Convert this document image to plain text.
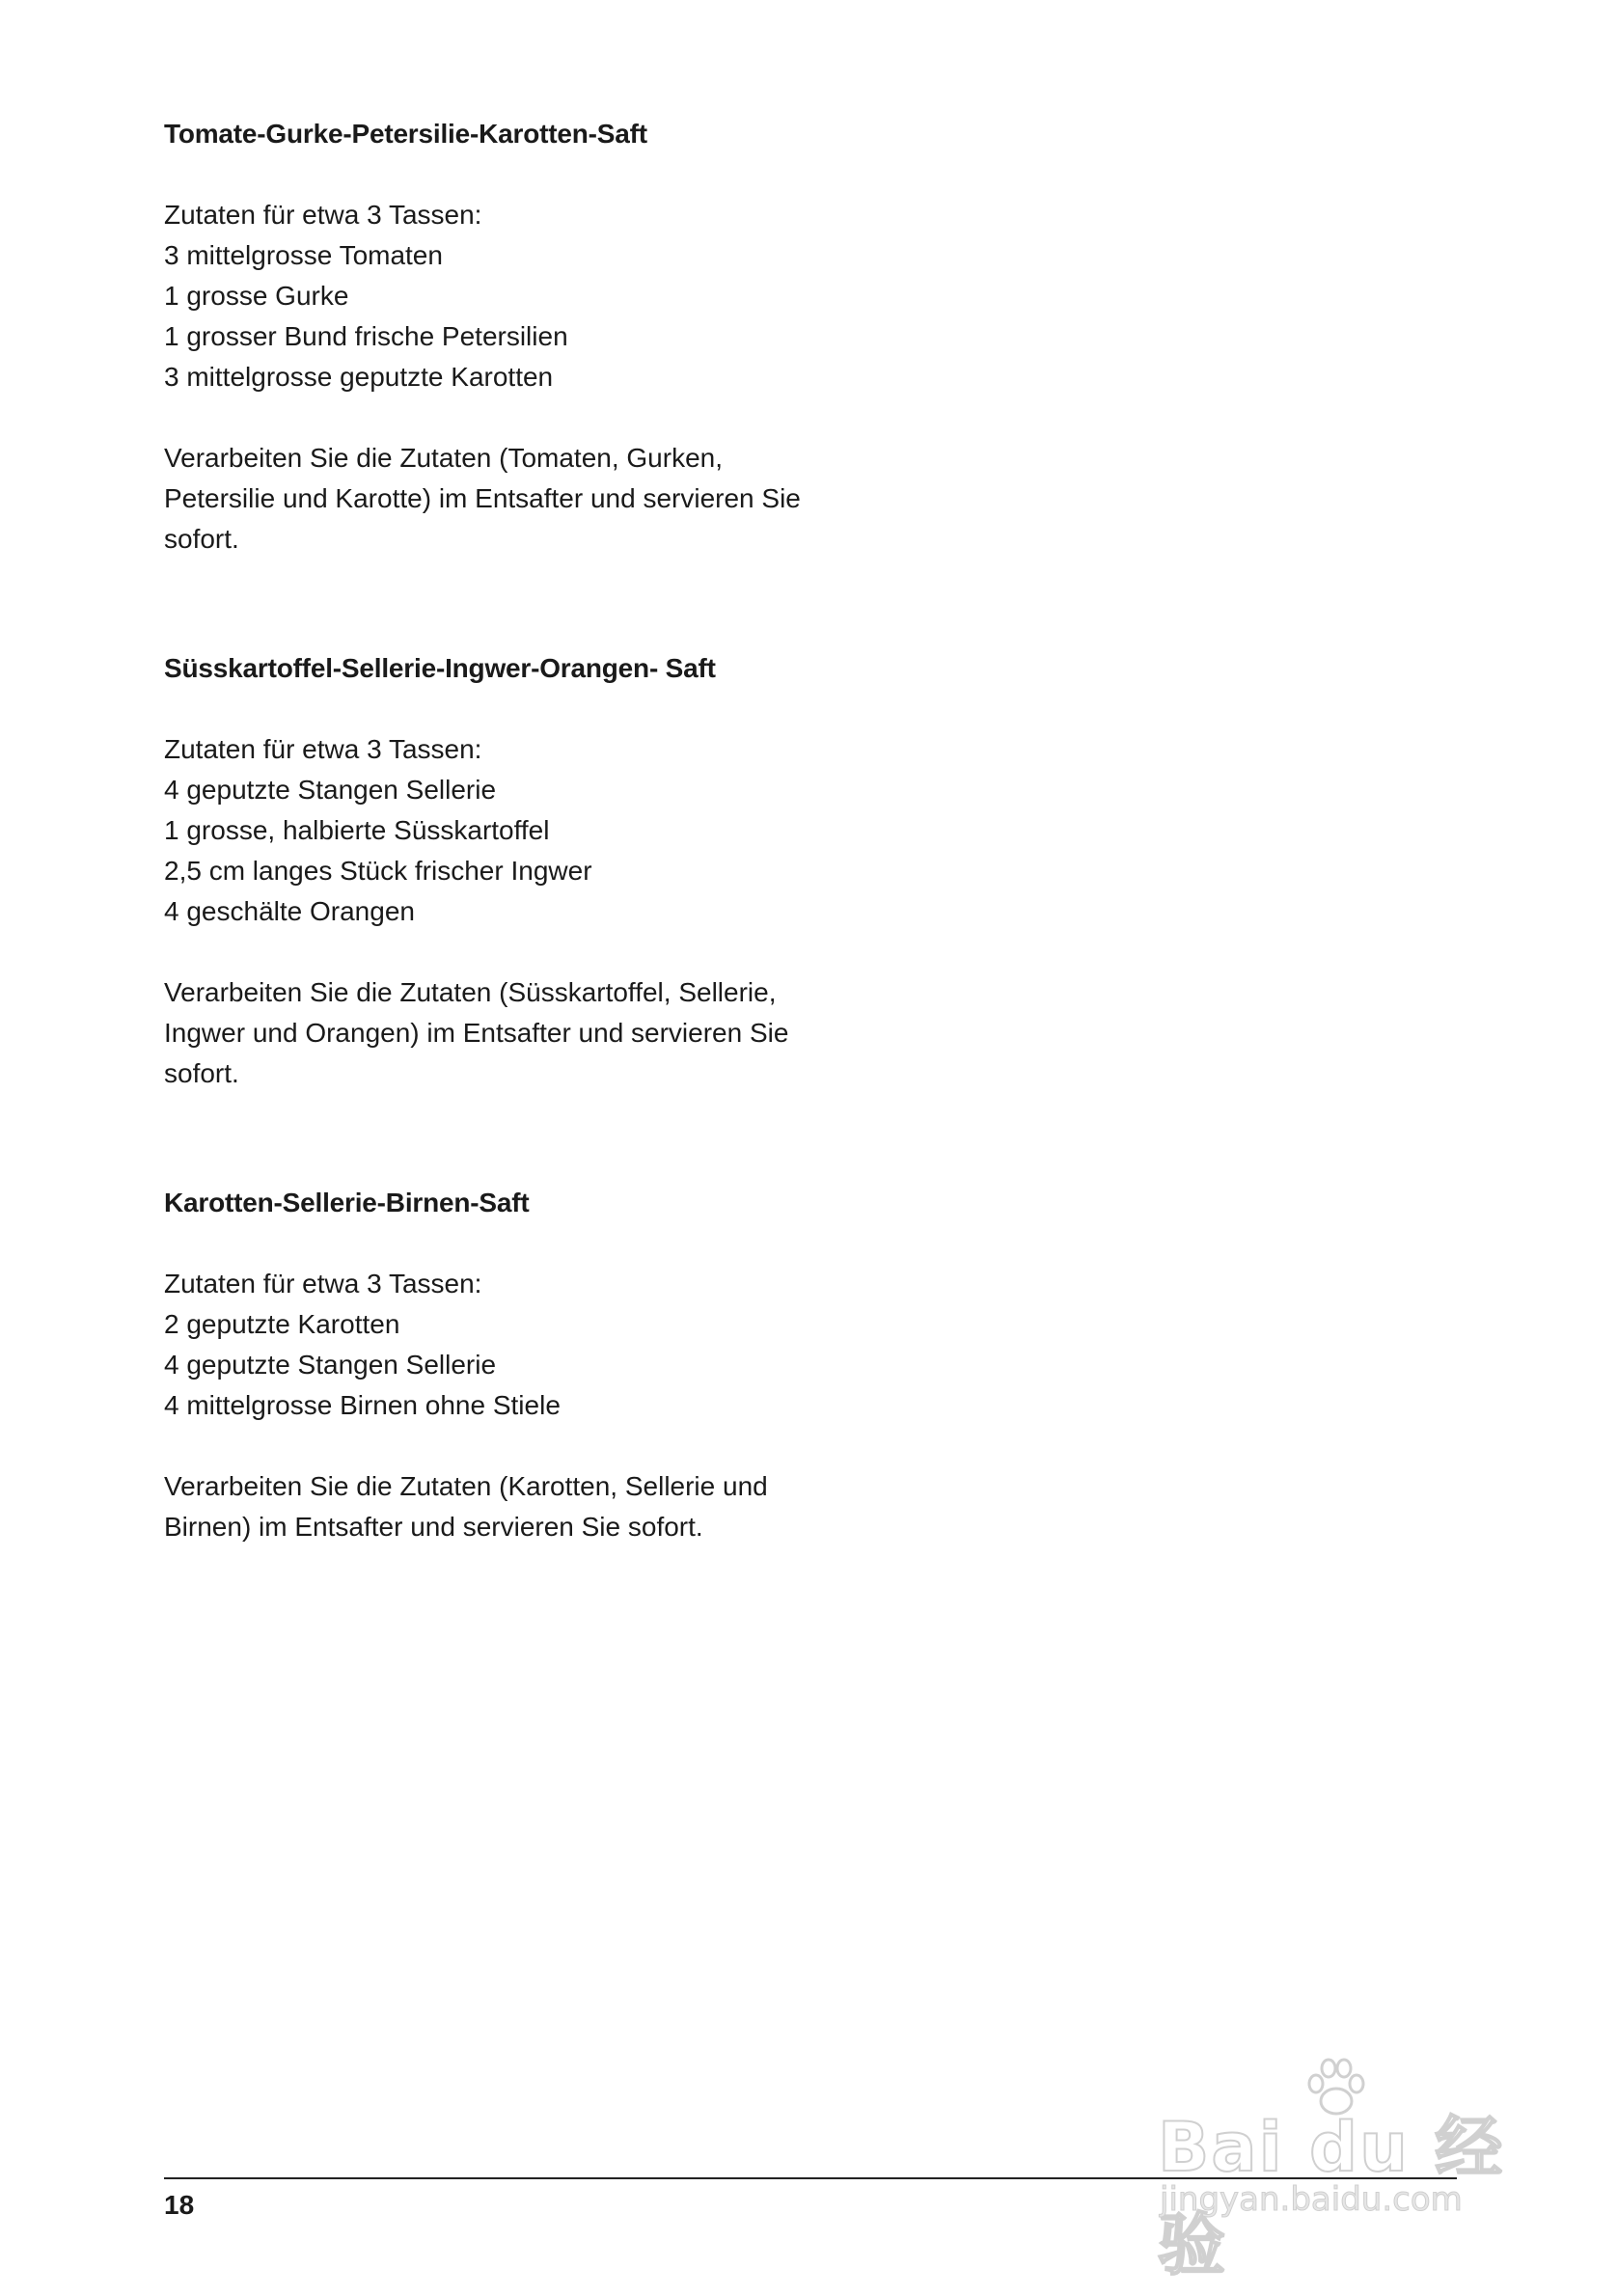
Tomate-Gurke-Petersilie-Karotten-Saft

Zutaten für etwa 3 Tassen:

3 mittelgrosse Tomaten

1 grosse Gurke

1 grosser Bund frische Petersilien

3 mittelgrosse geputzte Karotten

Verarbeiten Sie die Zutaten (Tomaten, Gurken,

Petersilie und Karotte) im Entsafter und servieren Sie

sofort.

Süsskartoffel-Sellerie-Ingwer-Orangen- Saft

Zutaten für etwa 3 Tassen:

4 geputzte Stangen Sellerie

1 grosse, halbierte Süsskartoffel

2,5 cm langes Stück frischer Ingwer

4 geschälte Orangen

Verarbeiten Sie die Zutaten (Süsskartoffel, Sellerie,

Ingwer und Orangen) im Entsafter und servieren Sie

sofort.

Karotten-Sellerie-Birnen-Saft

Zutaten für etwa 3 Tassen:

2 geputzte Karotten

4 geputzte Stangen Sellerie

4 mittelgrosse Birnen ohne Stiele

Verarbeiten Sie die Zutaten (Karotten, Sellerie und

Birnen) im Entsafter und servieren Sie sofort.

Bai du 经验
jingyan.baidu.com
18
